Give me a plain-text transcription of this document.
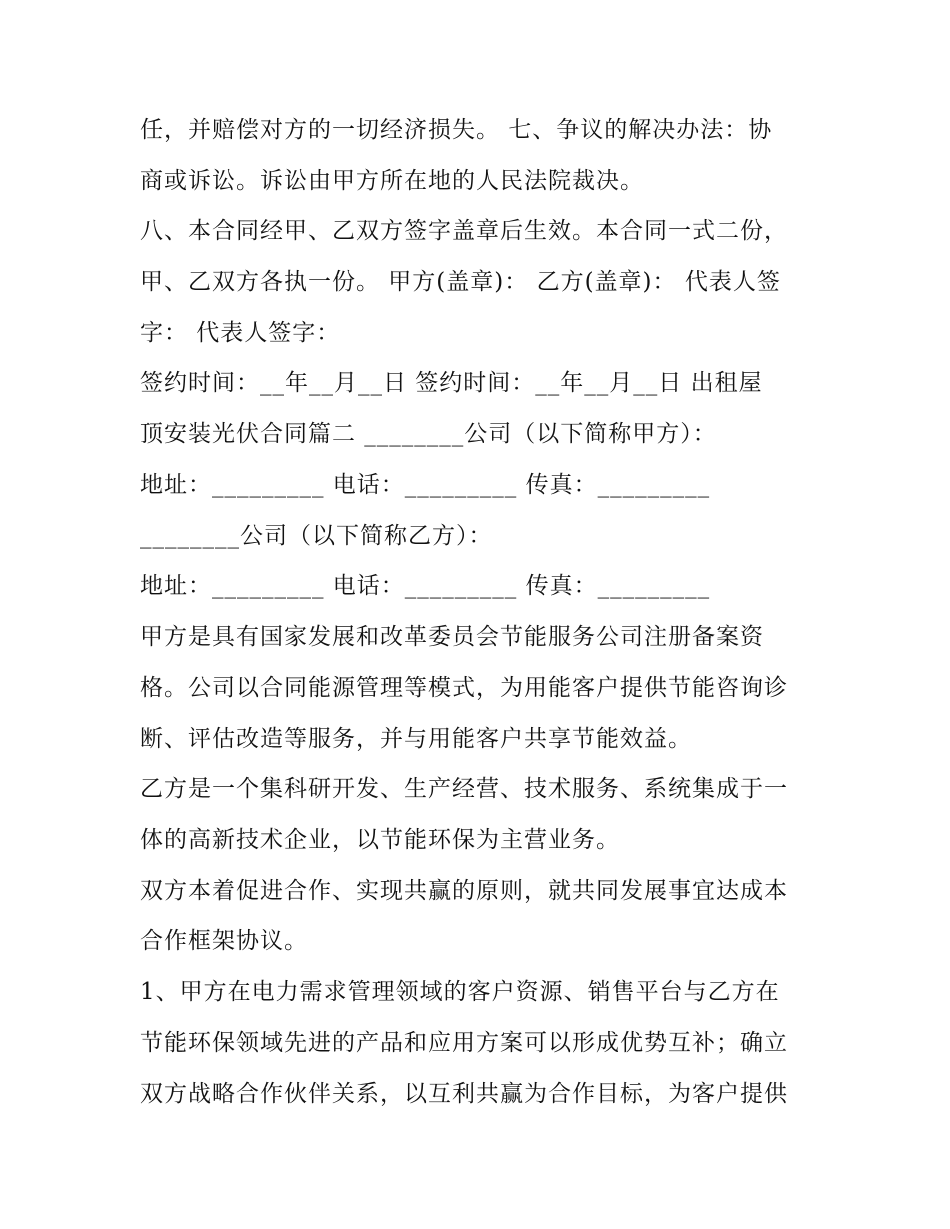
任，并赔偿对方的一切经济损失。 七、争议的解决办法：协
商或诉讼。诉讼由甲方所在地的人民法院裁决。
八、本合同经甲、乙双方签字盖章后生效。本合同一式二份，
甲、乙双方各执一份。 甲方(盖章)： 乙方(盖章)： 代表人签
字： 代表人签字：
签约时间：__年__月__日 签约时间：__年__月__日 出租屋
顶安装光伏合同篇二 ________公司（以下简称甲方）：
地址：_________ 电话：_________ 传真：_________
________公司（以下简称乙方）：
地址：_________ 电话：_________ 传真：_________
甲方是具有国家发展和改革委员会节能服务公司注册备案资
格。公司以合同能源管理等模式，为用能客户提供节能咨询诊
断、评估改造等服务，并与用能客户共享节能效益。
乙方是一个集科研开发、生产经营、技术服务、系统集成于一
体的高新技术企业，以节能环保为主营业务。
双方本着促进合作、实现共赢的原则，就共同发展事宜达成本
合作框架协议。
1、甲方在电力需求管理领域的客户资源、销售平台与乙方在
节能环保领域先进的产品和应用方案可以形成优势互补；确立
双方战略合作伙伴关系，以互利共赢为合作目标，为客户提供
